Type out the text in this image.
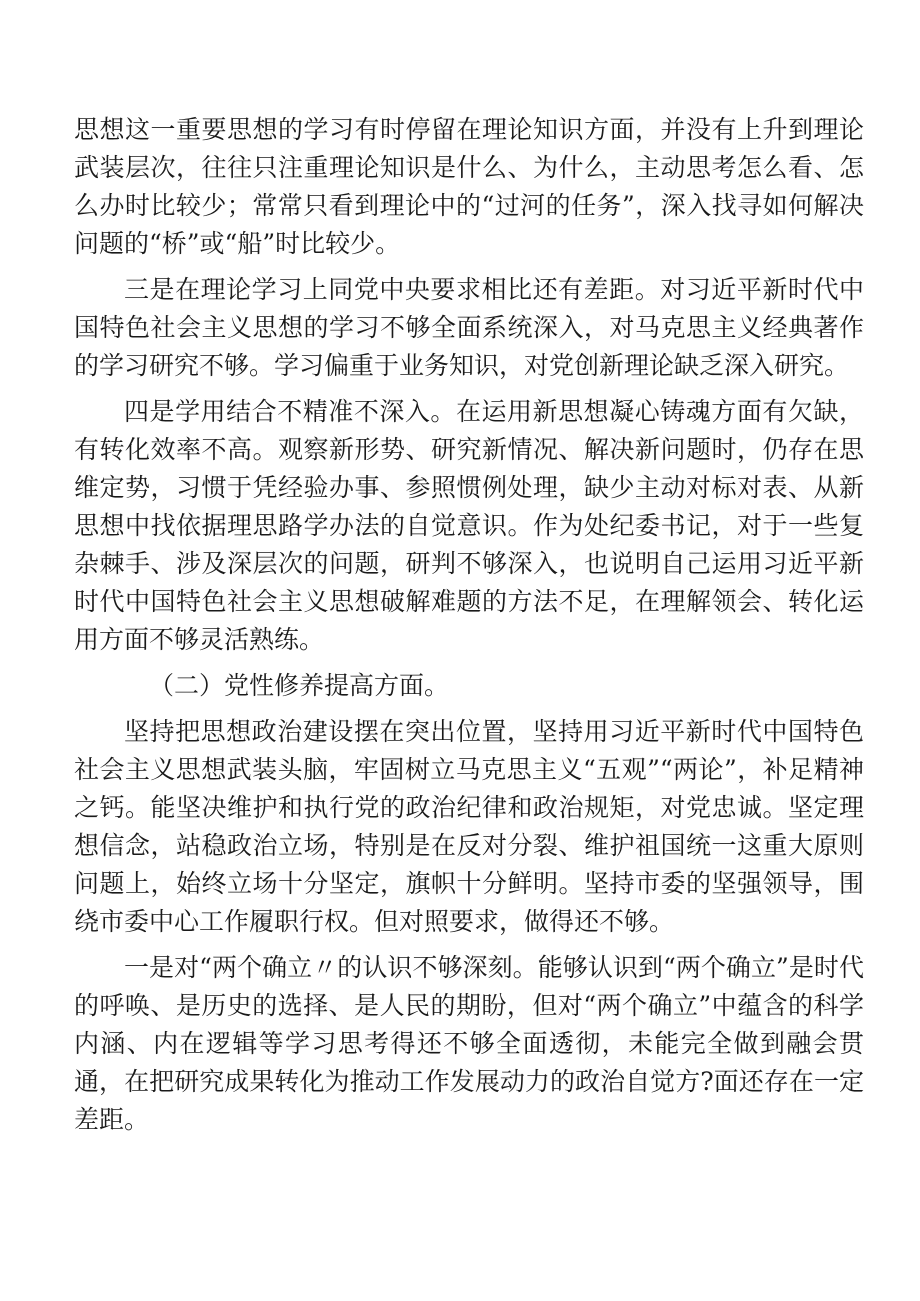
思想这一重要思想的学习有时停留在理论知识方面，并没有上升到理论武装层次，往往只注重理论知识是什么、为什么，主动思考怎么看、怎么办时比较少；常常只看到理论中的“过河的任务”，深入找寻如何解决问题的“桥”或“船”时比较少。

三是在理论学习上同党中央要求相比还有差距。对习近平新时代中国特色社会主义思想的学习不够全面系统深入，对马克思主义经典著作的学习研究不够。学习偏重于业务知识，对党创新理论缺乏深入研究。

四是学用结合不精准不深入。在运用新思想凝心铸魂方面有欠缺，有转化效率不高。观察新形势、研究新情况、解决新问题时，仍存在思维定势，习惯于凭经验办事、参照惯例处理，缺少主动对标对表、从新思想中找依据理思路学办法的自觉意识。作为处纪委书记，对于一些复杂棘手、涉及深层次的问题，研判不够深入，也说明自己运用习近平新时代中国特色社会主义思想破解难题的方法不足，在理解领会、转化运用方面不够灵活熟练。

（二）党性修养提高方面。

坚持把思想政治建设摆在突出位置，坚持用习近平新时代中国特色社会主义思想武装头脑，牢固树立马克思主义“五观”“两论”，补足精神之钙。能坚决维护和执行党的政治纪律和政治规矩，对党忠诚。坚定理想信念，站稳政治立场，特别是在反对分裂、维护祖国统一这重大原则问题上，始终立场十分坚定，旗帜十分鲜明。坚持市委的坚强领导，围绕市委中心工作履职行权。但对照要求，做得还不够。

一是对“两个确立〃的认识不够深刻。能够认识到“两个确立”是时代的呼唤、是历史的选择、是人民的期盼，但对“两个确立”中蕴含的科学内涵、内在逻辑等学习思考得还不够全面透彻，未能完全做到融会贯通，在把研究成果转化为推动工作发展动力的政治自觉方?面还存在一定差距。
